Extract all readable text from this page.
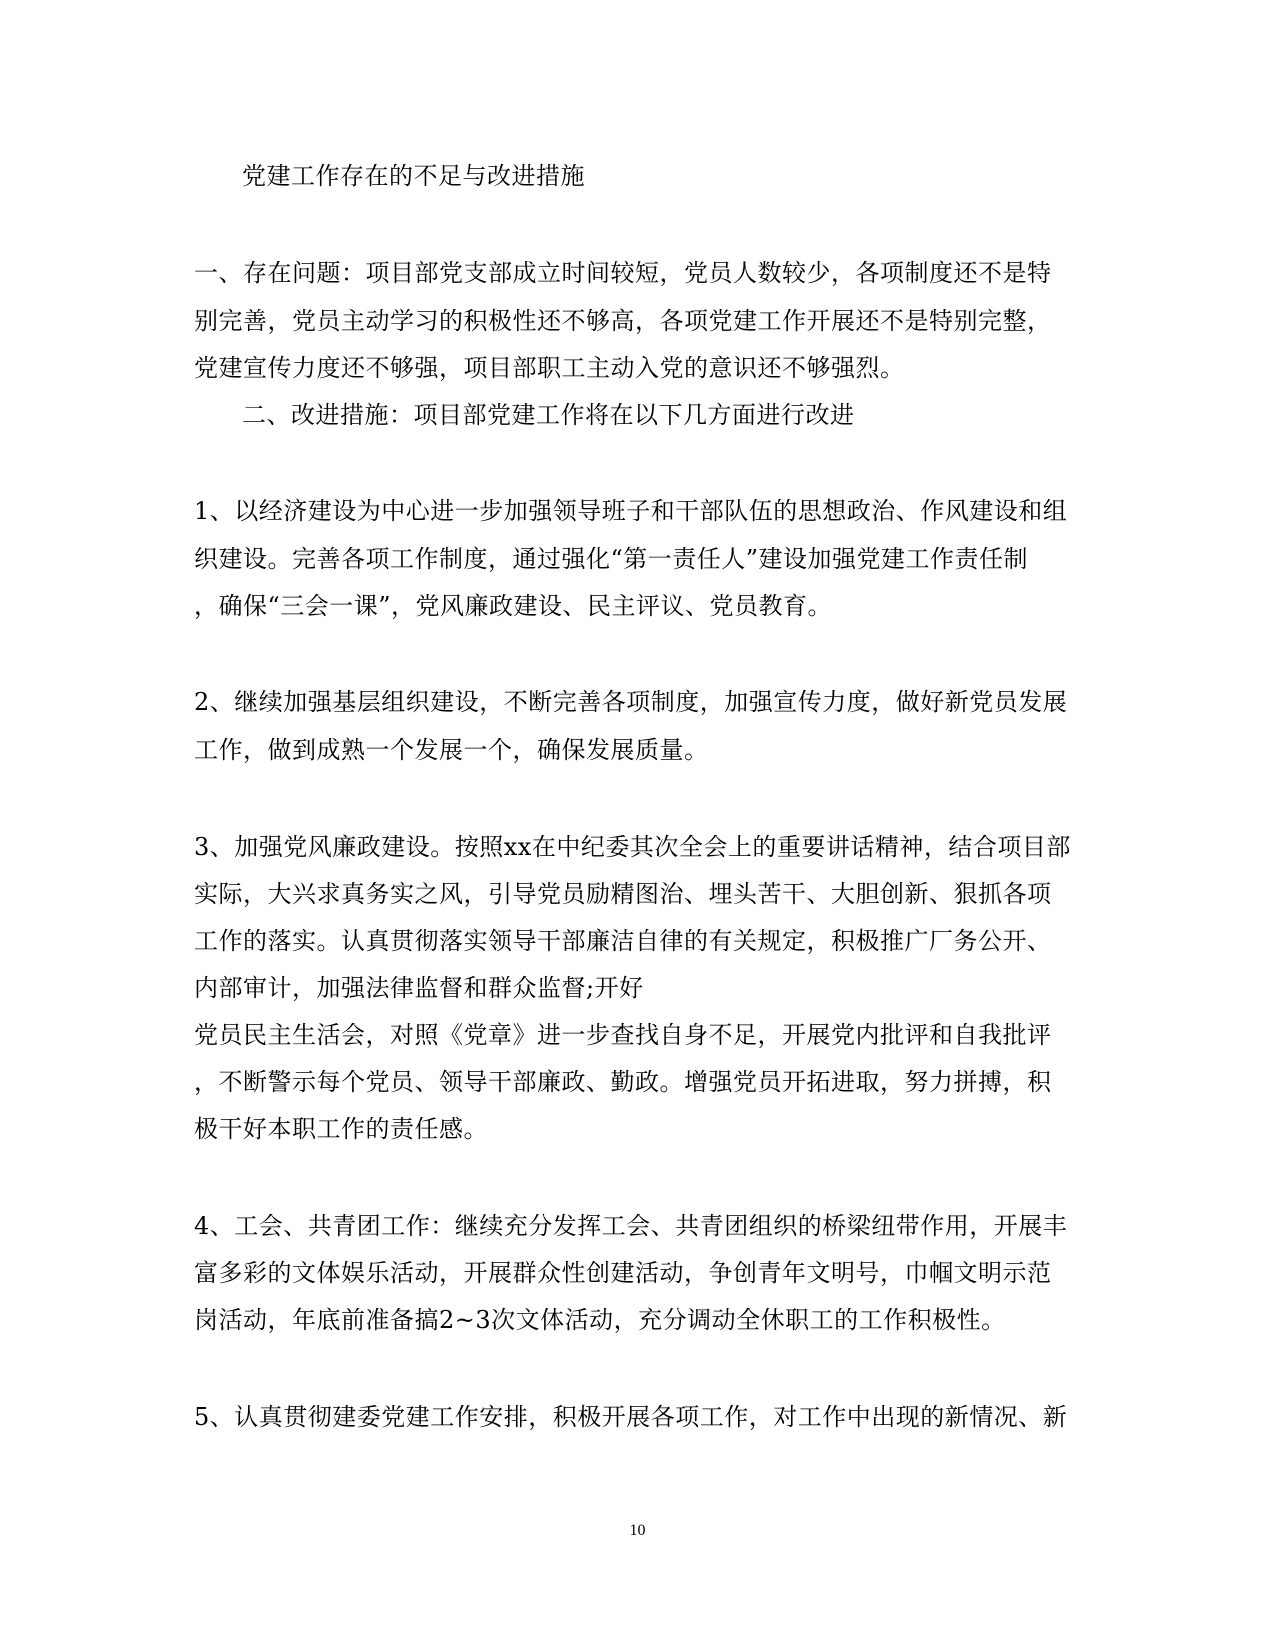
党建工作存在的不足与改进措施
一、存在问题：项目部党支部成立时间较短，党员人数较少，各项制度还不是特
别完善，党员主动学习的积极性还不够高，各项党建工作开展还不是特别完整，
党建宣传力度还不够强，项目部职工主动入党的意识还不够强烈。
二、改进措施：项目部党建工作将在以下几方面进行改进
1、以经济建设为中心进一步加强领导班子和干部队伍的思想政治、作风建设和组
织建设。完善各项工作制度，通过强化“第一责任人”建设加强党建工作责任制
，确保“三会一课”，党风廉政建设、民主评议、党员教育。
2、继续加强基层组织建设，不断完善各项制度，加强宣传力度，做好新党员发展
工作，做到成熟一个发展一个，确保发展质量。
3、加强党风廉政建设。按照xx在中纪委其次全会上的重要讲话精神，结合项目部
实际，大兴求真务实之风，引导党员励精图治、埋头苦干、大胆创新、狠抓各项
工作的落实。认真贯彻落实领导干部廉洁自律的有关规定，积极推广厂务公开、
内部审计，加强法律监督和群众监督;开好
党员民主生活会，对照《党章》进一步查找自身不足，开展党内批评和自我批评
，不断警示每个党员、领导干部廉政、勤政。增强党员开拓进取，努力拼搏，积
极干好本职工作的责任感。
4、工会、共青团工作：继续充分发挥工会、共青团组织的桥梁纽带作用，开展丰
富多彩的文体娱乐活动，开展群众性创建活动，争创青年文明号，巾帼文明示范
岗活动，年底前准备搞2~3次文体活动，充分调动全休职工的工作积极性。
5、认真贯彻建委党建工作安排，积极开展各项工作，对工作中出现的新情况、新
10
